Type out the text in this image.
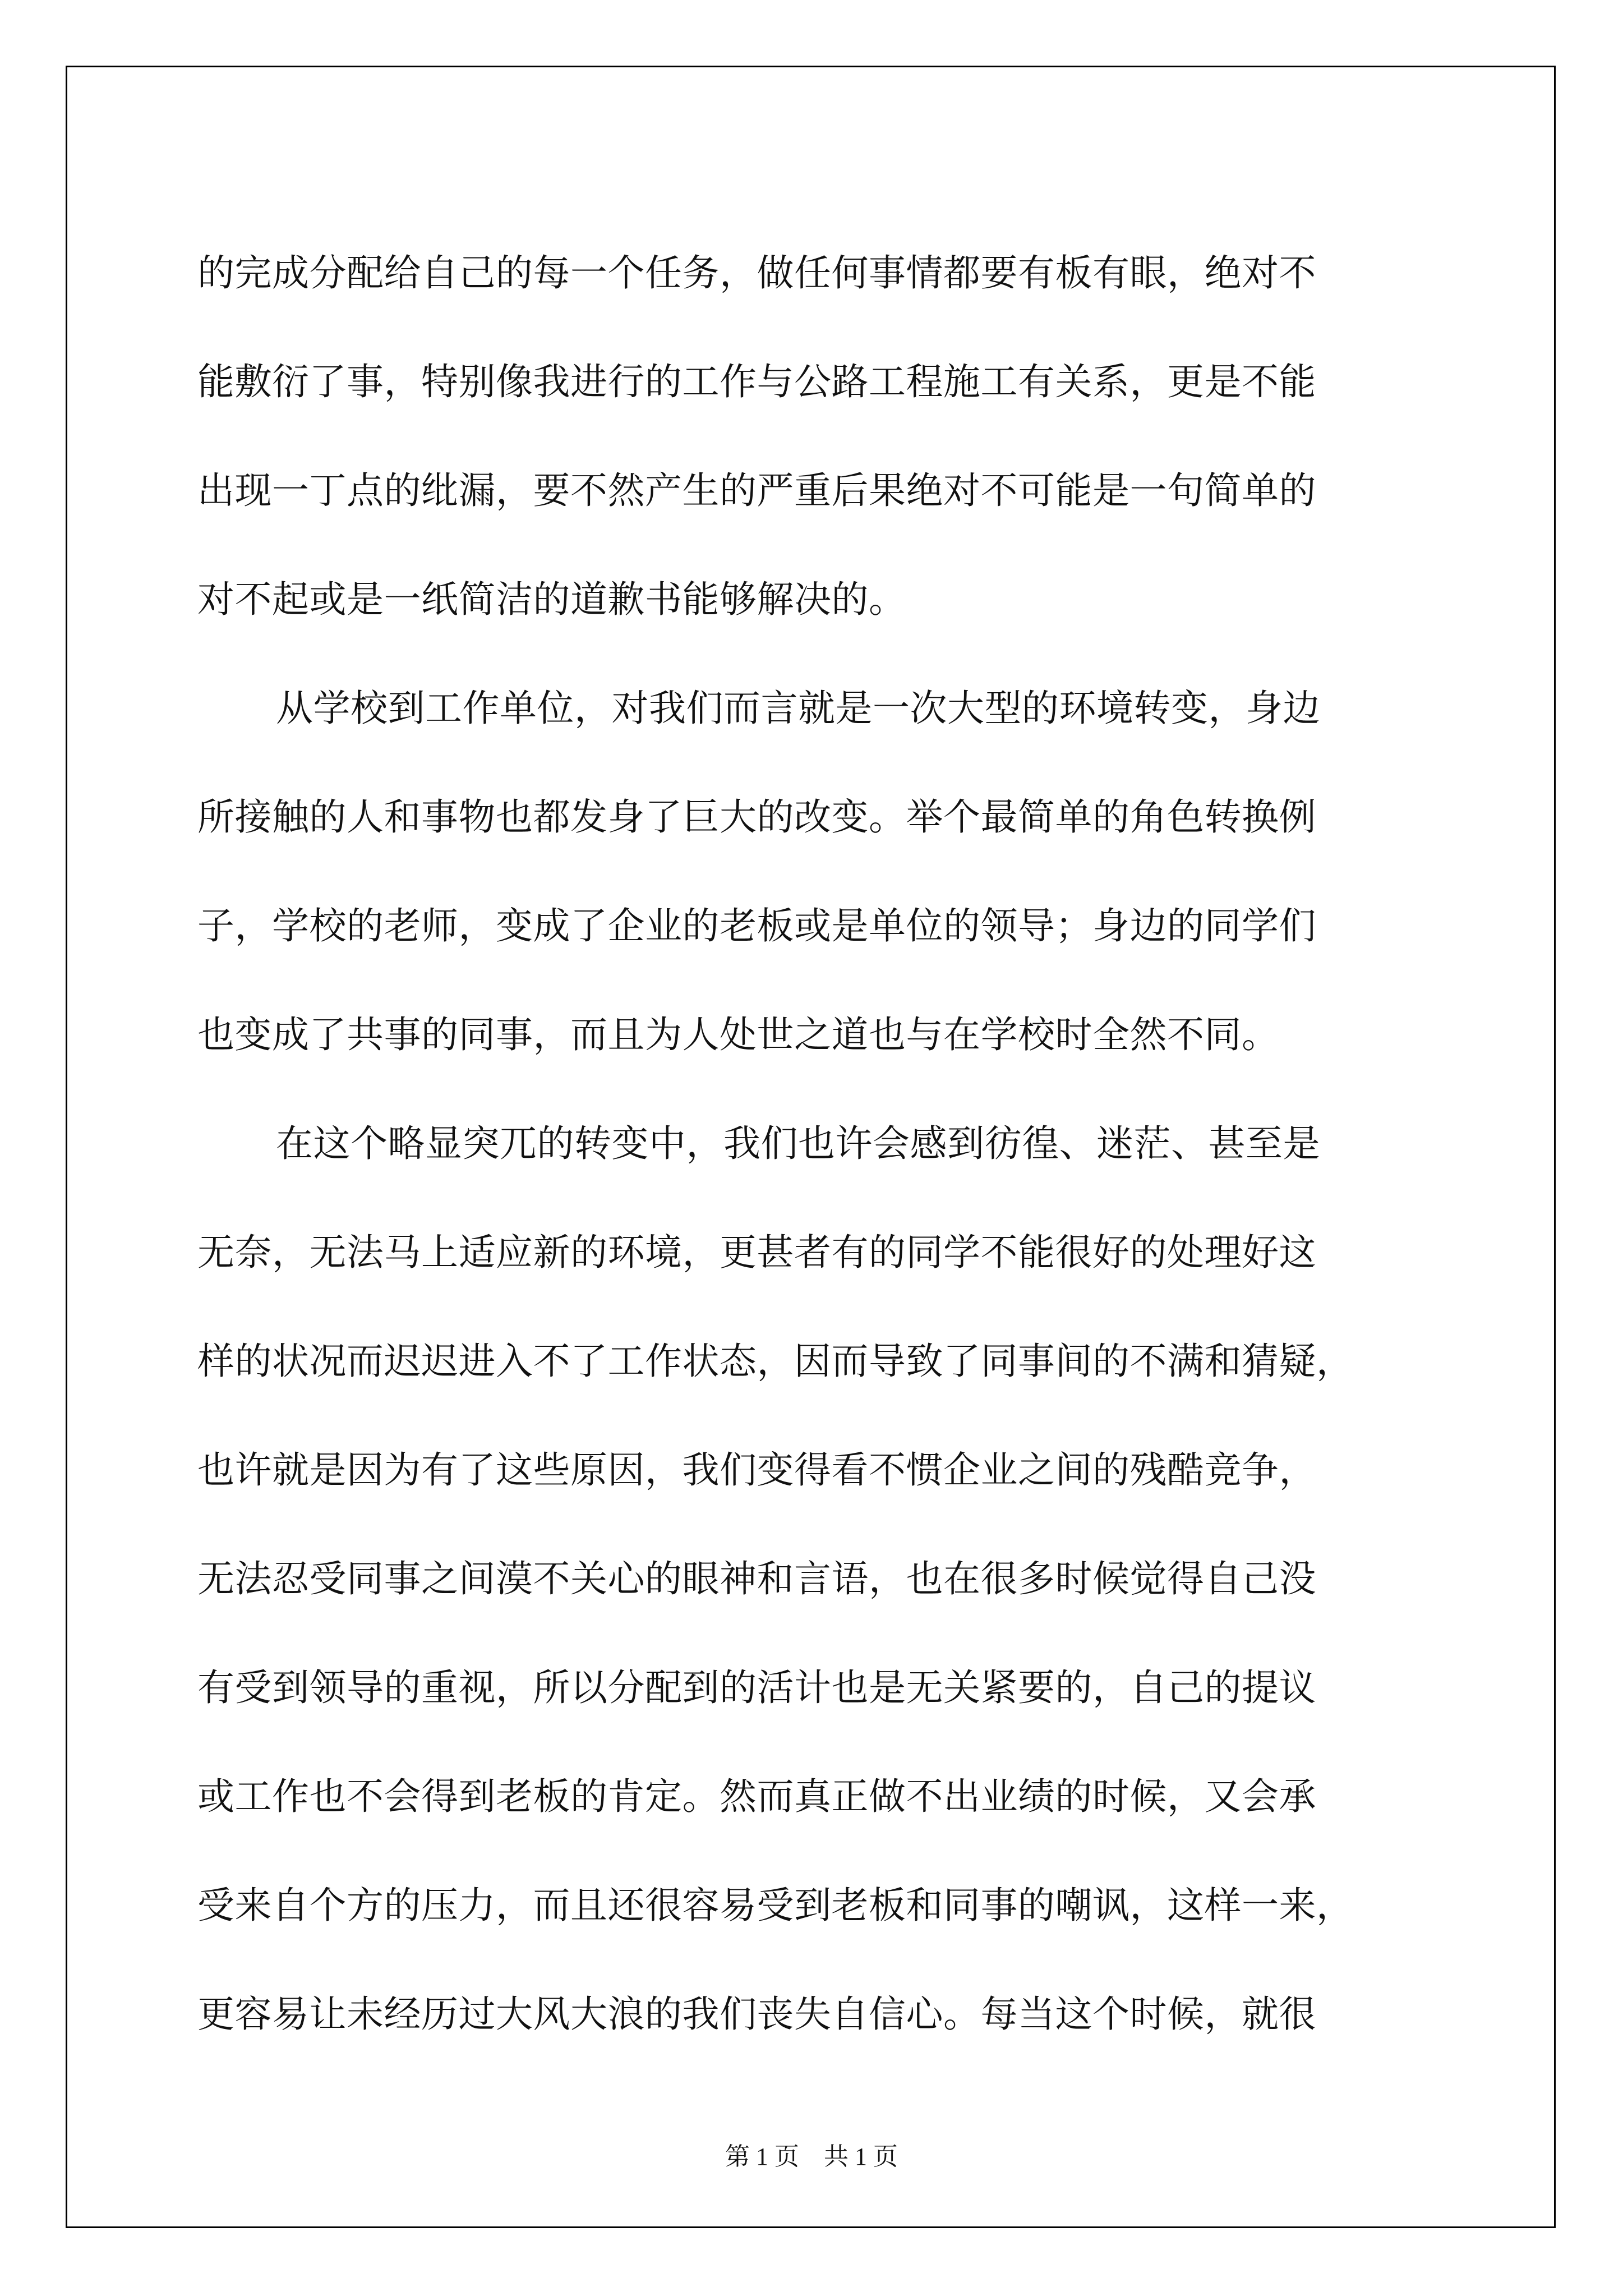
的完成分配给自己的每一个任务，做任何事情都要有板有眼，绝对不
能敷衍了事，特别像我进行的工作与公路工程施工有关系，更是不能
出现一丁点的纰漏，要不然产生的严重后果绝对不可能是一句简单的
对不起或是一纸简洁的道歉书能够解决的。
从学校到工作单位，对我们而言就是一次大型的环境转变，身边
所接触的人和事物也都发身了巨大的改变。举个最简单的角色转换例
子，学校的老师，变成了企业的老板或是单位的领导；身边的同学们
也变成了共事的同事，而且为人处世之道也与在学校时全然不同。
在这个略显突兀的转变中，我们也许会感到彷徨、迷茫、甚至是
无奈，无法马上适应新的环境，更甚者有的同学不能很好的处理好这
样的状况而迟迟进入不了工作状态，因而导致了同事间的不满和猜疑，
也许就是因为有了这些原因，我们变得看不惯企业之间的残酷竞争，
无法忍受同事之间漠不关心的眼神和言语，也在很多时候觉得自己没
有受到领导的重视，所以分配到的活计也是无关紧要的，自己的提议
或工作也不会得到老板的肯定。然而真正做不出业绩的时候，又会承
受来自个方的压力，而且还很容易受到老板和同事的嘲讽，这样一来，
更容易让未经历过大风大浪的我们丧失自信心。每当这个时候，就很
第 1 页　共 1 页
